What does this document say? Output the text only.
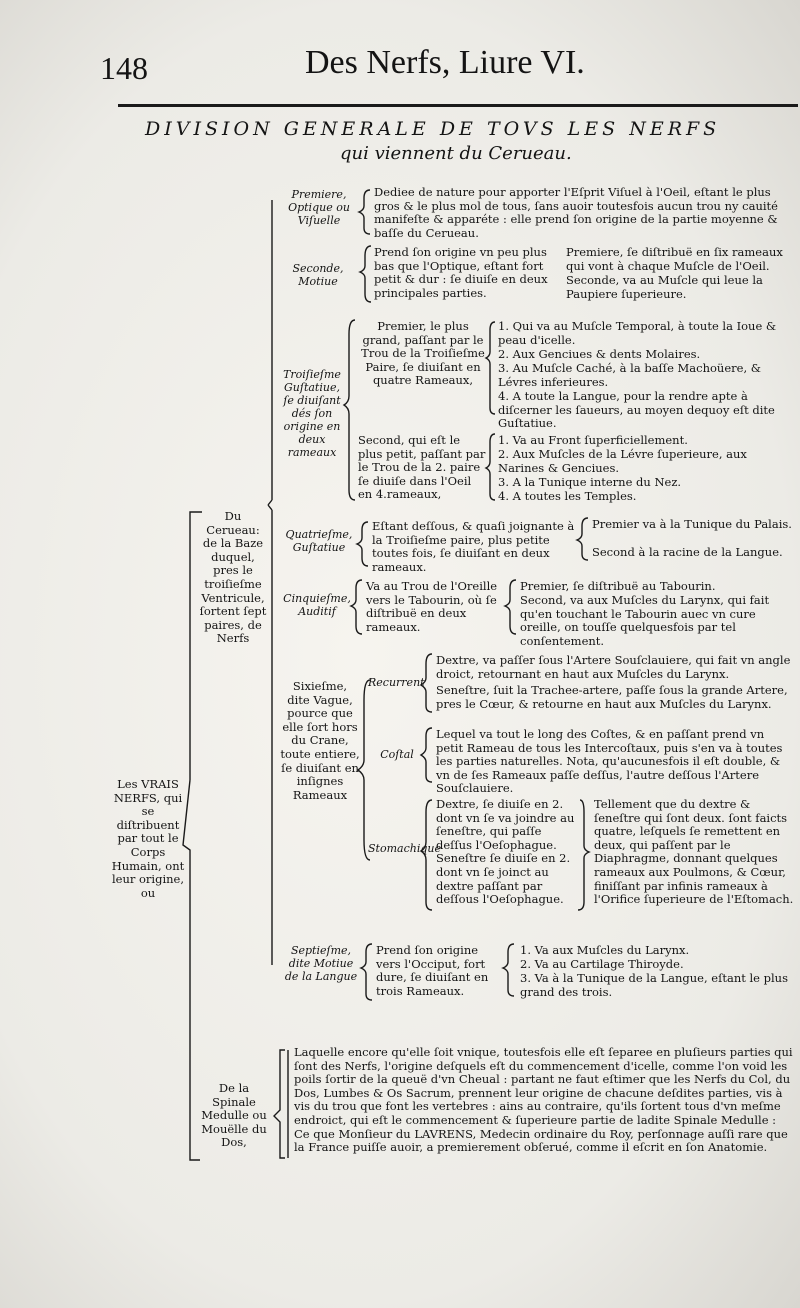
148	Des Nerfs, Liure VI.
DIVISION GENERALE DE TOVS LES NERFS
qui viennent du Cerueau.
Les VRAIS NERFS, qui se diſtribuent par tout le Corps Humain, ont leur origine, ou
Du Cerueau: de la Baze duquel, pres le troiſieſme Ventricule, ſortent ſept paires, de Nerfs
Premiere, Optique ou Viſuelle
Dediee de nature pour apporter l'Eſprit Viſuel à l'Oeil, eſtant le plus gros & le plus mol de tous, ſans auoir toutesfois aucun trou ny cauité manifeſte & apparéte : elle prend ſon origine de la partie moyenne & baſſe du Cerueau.
Seconde, Motiue
Prend ſon origine vn peu plus bas que l'Optique, eſtant fort petit & dur : ſe diuiſe en deux principales parties.
Premiere, ſe diſtribuë en ſix rameaux qui vont à chaque Muſcle de l'Oeil.
Seconde, va au Muſcle qui leue la Paupiere ſuperieure.
Troiſieſme Guſtatiue, ſe diuiſant dés ſon origine en deux rameaux
Premier, le plus grand, paſſant par le Trou de la Troiſieſme Paire, ſe diuiſant en quatre Rameaux,
1. Qui va au Muſcle Temporal, à toute la Ioue & peau d'icelle.
2. Aux Genciues & dents Molaires.
3. Au Muſcle Caché, à la baſſe Machoüere, & Lévres inferieures.
4. A toute la Langue, pour la rendre apte à diſcerner les ſaueurs, au moyen dequoy eſt dite Guſtatiue.
Second, qui eſt le plus petit, paſſant par le Trou de la 2. paire ſe diuiſe dans l'Oeil en 4.rameaux,
1. Va au Front ſuperficiellement.
2. Aux Muſcles de la Lévre ſuperieure, aux Narines & Genciues.
3. A la Tunique interne du Nez.
4. A toutes les Temples.
Quatrieſme, Guſtatiue
Eſtant deſſous, & quaſi joignante à la Troiſieſme paire, plus petite toutes fois, ſe diuiſant en deux rameaux.
Premier va à la Tunique du Palais.
Second à la racine de la Langue.
Cinquieſme, Auditif
Va au Trou de l'Oreille vers le Tabourin, où ſe diſtribuë en deux rameaux.
Premier, ſe diſtribuë au Tabourin.
Second, va aux Muſcles du Larynx, qui fait qu'en touchant le Tabourin auec vn cure oreille, on touſſe quelquesfois par tel conſentement.
Sixieſme, dite Vague, pource que elle ſort hors du Crane, toute entiere, ſe diuiſant en inſignes Rameaux
Recurrent
Dextre, va paſſer ſous l'Artere Souſclauiere, qui fait vn angle droict, retournant en haut aux Muſcles du Larynx.
Seneſtre, ſuit la Trachee-artere, paſſe ſous la grande Artere, pres le Cœur, & retourne en haut aux Muſcles du Larynx.
Coſtal
Lequel va tout le long des Coſtes, & en paſſant prend vn petit Rameau de tous les Intercoſtaux, puis s'en va à toutes les parties naturelles. Nota, qu'aucunesfois il eſt double, & vn de ſes Rameaux paſſe deſſus, l'autre deſſous l'Artere Souſclauiere.
Stomachique
Dextre, ſe diuiſe en 2. dont vn ſe va joindre au ſeneſtre, qui paſſe deſſus l'Oeſophague. Seneſtre ſe diuiſe en 2. dont vn ſe joinct au dextre paſſant par deſſous l'Oeſophague.
Tellement que du dextre & ſeneſtre qui ſont deux. ſont faicts quatre, leſquels ſe remettent en deux, qui paſſent par le Diaphragme, donnant quelques rameaux aux Poulmons, & Cœur, finiſſant par infinis rameaux à l'Orifice ſuperieure de l'Eſtomach.
Septieſme, dite Motiue de la Langue
Prend ſon origine vers l'Occiput, fort dure, ſe diuiſant en trois Rameaux.
1. Va aux Muſcles du Larynx.
2. Va au Cartilage Thiroyde.
3. Va à la Tunique de la Langue, eſtant le plus grand des trois.
De la Spinale Medulle ou Mouëlle du Dos,
Laquelle encore qu'elle ſoit vnique, toutesfois elle eſt ſeparee en pluſieurs parties qui ſont des Nerfs, l'origine deſquels eſt du commencement d'icelle, comme l'on void les poils ſortir de la queuë d'vn Cheual : partant ne faut eſtimer que les Nerfs du Col, du Dos, Lumbes & Os Sacrum, prennent leur origine de chacune deſdites parties, vis à vis du trou que font les vertebres : ains au contraire, qu'ils ſortent tous d'vn meſme endroict, qui eſt le commencement & ſuperieure partie de ladite Spinale Medulle : Ce que Monſieur du LAVRENS, Medecin ordinaire du Roy, perſonnage auſſi rare que la France puiſſe auoir, a premierement obſerué, comme il eſcrit en ſon Anatomie.
